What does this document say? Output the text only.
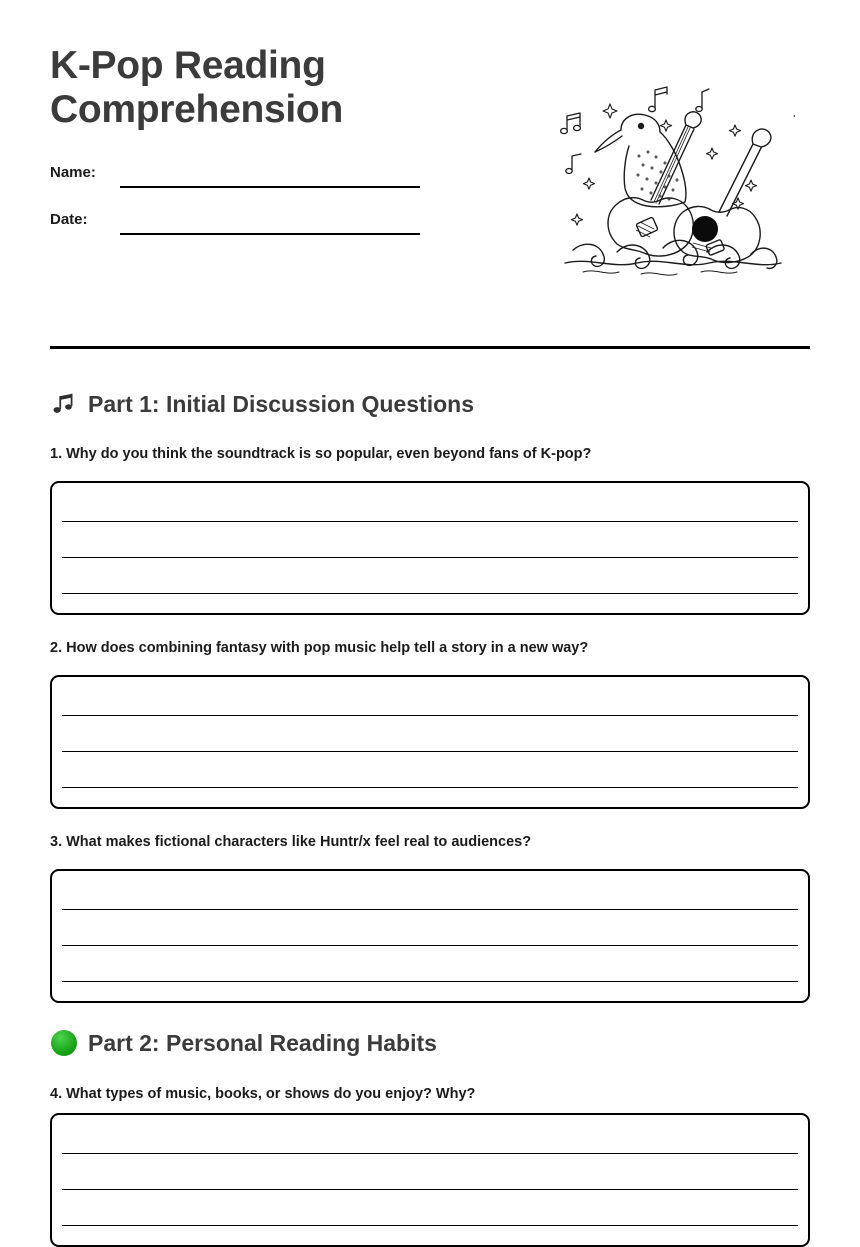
K-Pop Reading Comprehension
Name:
Date:
Part 1: Initial Discussion Questions
1. Why do you think the soundtrack is so popular, even beyond fans of K-pop?
2. How does combining fantasy with pop music help tell a story in a new way?
3. What makes fictional characters like Huntr/x feel real to audiences?
Part 2: Personal Reading Habits
4. What types of music, books, or shows do you enjoy? Why?
